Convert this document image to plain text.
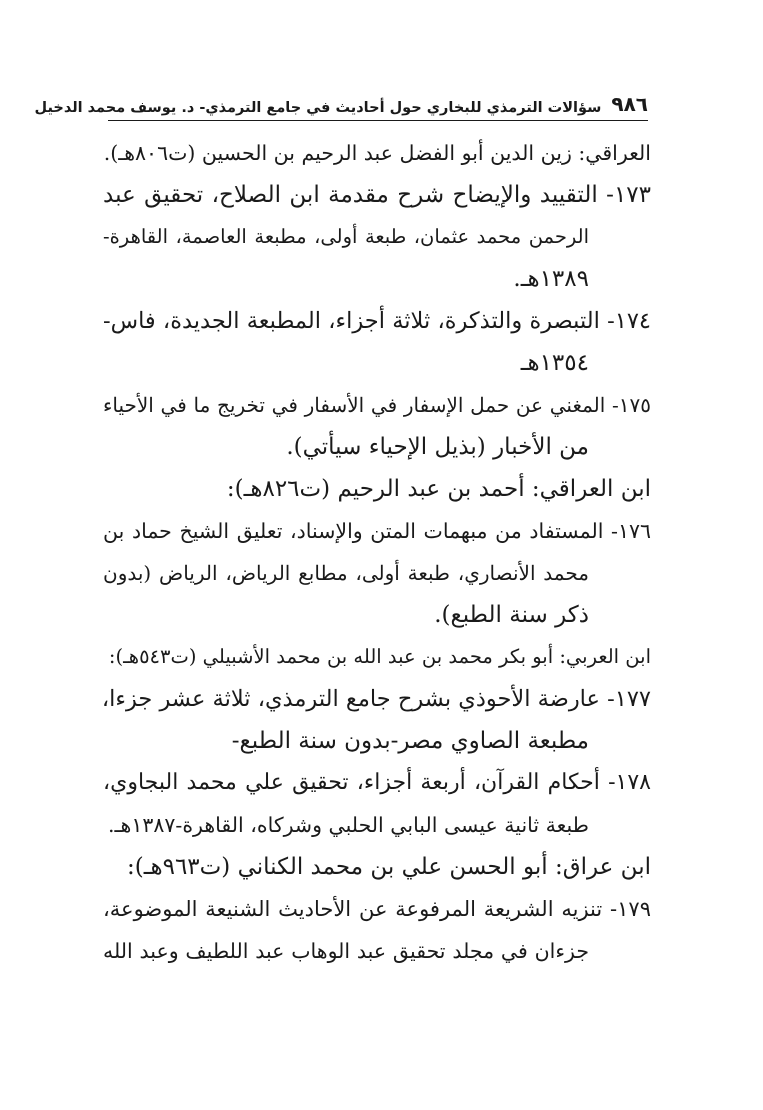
٩٨٦
سؤالات الترمذي للبخاري حول أحاديث في جامع الترمذي- د. يوسف محمد الدخيل
العراقي: زين الدين أبو الفضل عبد الرحيم بن الحسين (ت٨٠٦هـ).
١٧٣- التقييد والإيضاح شرح مقدمة ابن الصلاح، تحقيق عبد
الرحمن محمد عثمان، طبعة أولى، مطبعة العاصمة، القاهرة-
١٣٨٩هـ.
١٧٤- التبصرة والتذكرة، ثلاثة أجزاء، المطبعة الجديدة، فاس-
١٣٥٤هـ
١٧٥- المغني عن حمل الإسفار في الأسفار في تخريج ما في الأحياء
من الأخبار (بذيل الإحياء سيأتي).
ابن العراقي: أحمد بن عبد الرحيم (ت٨٢٦هـ):
١٧٦- المستفاد من مبهمات المتن والإسناد، تعليق الشيخ حماد بن
محمد الأنصاري، طبعة أولى، مطابع الرياض، الرياض (بدون
ذكر سنة الطبع).
ابن العربي: أبو بكر محمد بن عبد الله بن محمد الأشبيلي (ت٥٤٣هـ):
١٧٧- عارضة الأحوذي بشرح جامع الترمذي، ثلاثة عشر جزءا،
مطبعة الصاوي مصر-بدون سنة الطبع-
١٧٨- أحكام القرآن، أربعة أجزاء، تحقيق علي محمد البجاوي،
طبعة ثانية عيسى البابي الحلبي وشركاه، القاهرة-١٣٨٧هـ.
ابن عراق: أبو الحسن علي بن محمد الكناني (ت٩٦٣هـ):
١٧٩- تنزيه الشريعة المرفوعة عن الأحاديث الشنيعة الموضوعة،
جزءان في مجلد تحقيق عبد الوهاب عبد اللطيف وعبد الله
